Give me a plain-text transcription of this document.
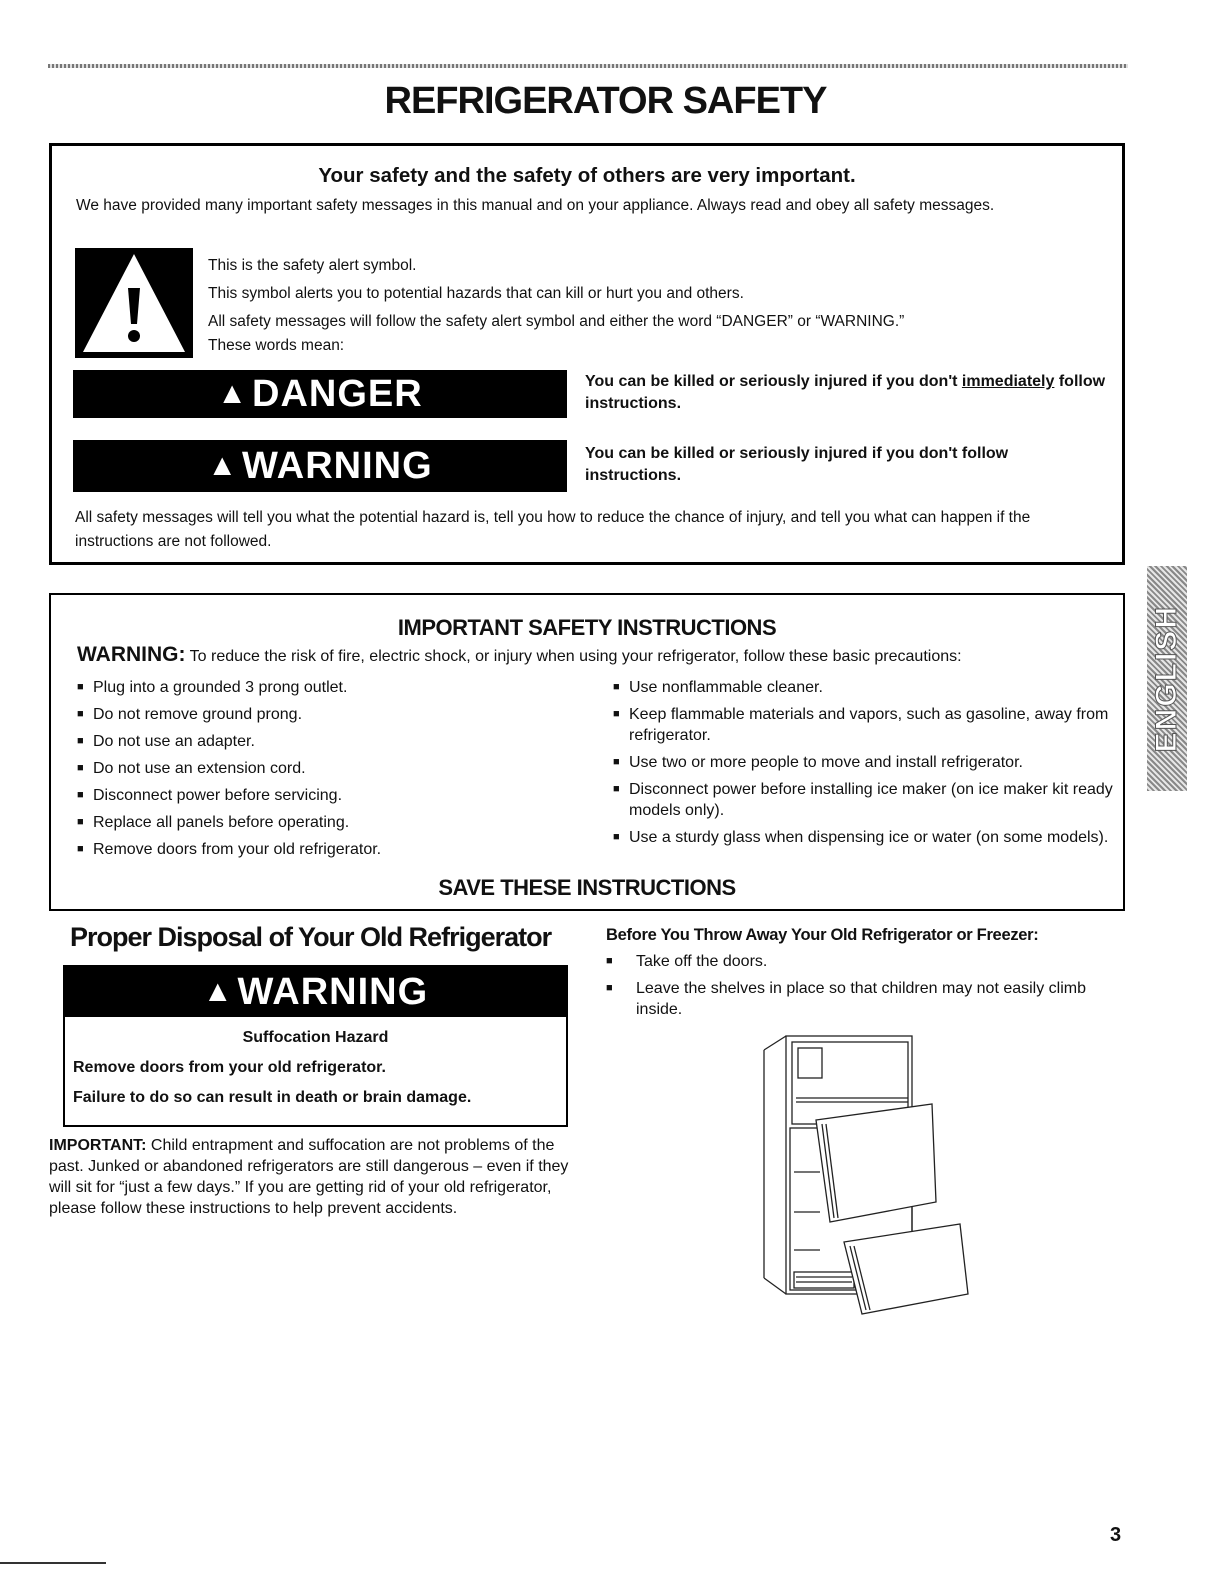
REFRIGERATOR SAFETY
Your safety and the safety of others are very important.
We have provided many important safety messages in this manual and on your appliance. Always read and obey all safety messages.
This is the safety alert symbol.
This symbol alerts you to potential hazards that can kill or hurt you and others.
All safety messages will follow the safety alert symbol and either the word “DANGER” or “WARNING.”
These words mean:
▲ DANGER	You can be killed or seriously injured if you don't immediately follow instructions.
▲ WARNING	You can be killed or seriously injured if you don't follow instructions.
All safety messages will tell you what the potential hazard is, tell you how to reduce the chance of injury, and tell you what can happen if the instructions are not followed.
IMPORTANT SAFETY INSTRUCTIONS
WARNING: To reduce the risk of fire, electric shock, or injury when using your refrigerator, follow these basic precautions:
■ Plug into a grounded 3 prong outlet.
■ Do not remove ground prong.
■ Do not use an adapter.
■ Do not use an extension cord.
■ Disconnect power before servicing.
■ Replace all panels before operating.
■ Remove doors from your old refrigerator.
■ Use nonflammable cleaner.
■ Keep flammable materials and vapors, such as gasoline, away from refrigerator.
■ Use two or more people to move and install refrigerator.
■ Disconnect power before installing ice maker (on ice maker kit ready models only).
■ Use a sturdy glass when dispensing ice or water (on some models).
SAVE THESE INSTRUCTIONS
Proper Disposal of Your Old Refrigerator
▲ WARNING
Suffocation Hazard
Remove doors from your old refrigerator.
Failure to do so can result in death or brain damage.
IMPORTANT: Child entrapment and suffocation are not problems of the past. Junked or abandoned refrigerators are still dangerous – even if they will sit for “just a few days.” If you are getting rid of your old refrigerator, please follow these instructions to help prevent accidents.
Before You Throw Away Your Old Refrigerator or Freezer:
■ Take off the doors.
■ Leave the shelves in place so that children may not easily climb inside.
ENGLISH
3
